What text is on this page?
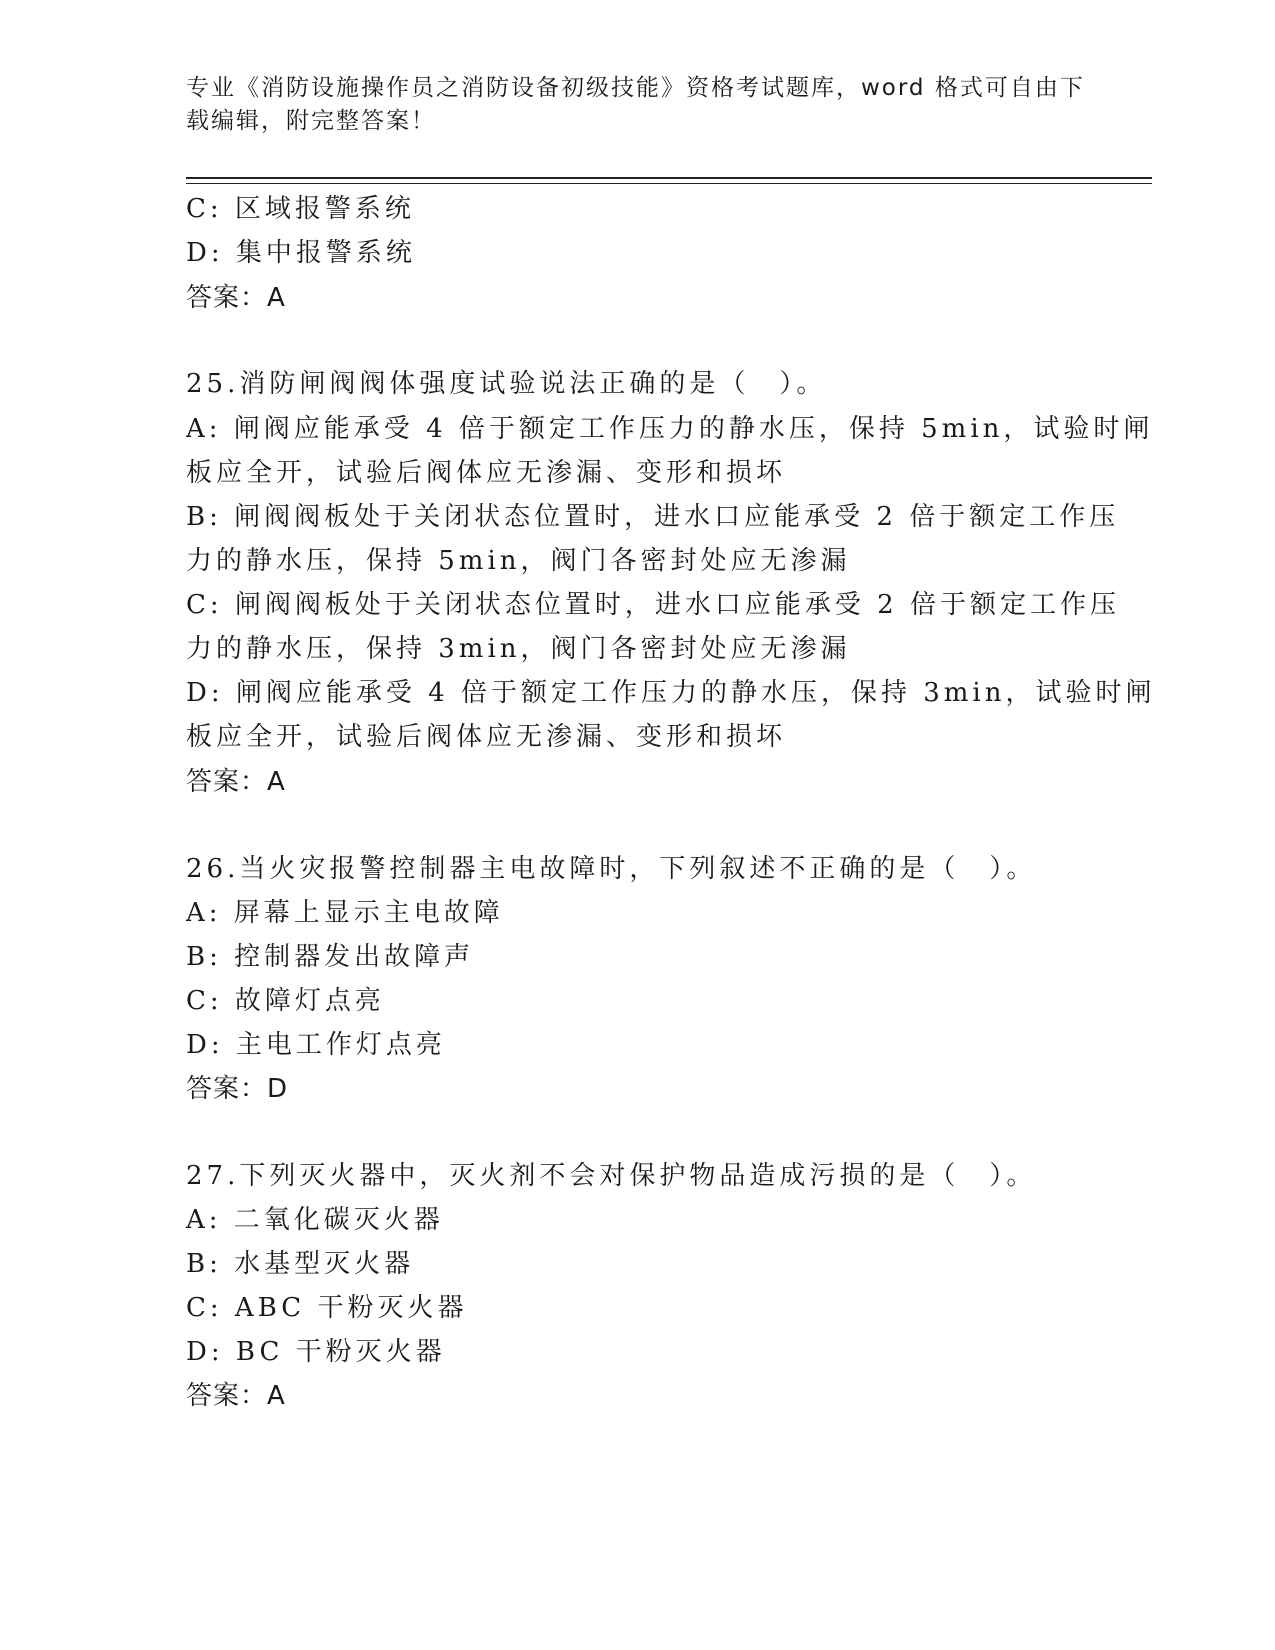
专业《消防设施操作员之消防设备初级技能》资格考试题库，word 格式可自由下
载编辑，附完整答案！
C: 区域报警系统
D: 集中报警系统
答案：A
25.消防闸阀阀体强度试验说法正确的是（　）。
A: 闸阀应能承受 4 倍于额定工作压力的静水压，保持 5min，试验时闸
板应全开，试验后阀体应无渗漏、变形和损坏
B: 闸阀阀板处于关闭状态位置时，进水口应能承受 2 倍于额定工作压
力的静水压，保持 5min，阀门各密封处应无渗漏
C: 闸阀阀板处于关闭状态位置时，进水口应能承受 2 倍于额定工作压
力的静水压，保持 3min，阀门各密封处应无渗漏
D: 闸阀应能承受 4 倍于额定工作压力的静水压，保持 3min，试验时闸
板应全开，试验后阀体应无渗漏、变形和损坏
答案：A
26.当火灾报警控制器主电故障时，下列叙述不正确的是（　）。
A: 屏幕上显示主电故障
B: 控制器发出故障声
C: 故障灯点亮
D: 主电工作灯点亮
答案：D
27.下列灭火器中，灭火剂不会对保护物品造成污损的是（　）。
A: 二氧化碳灭火器
B: 水基型灭火器
C: ABC 干粉灭火器
D: BC 干粉灭火器
答案：A
